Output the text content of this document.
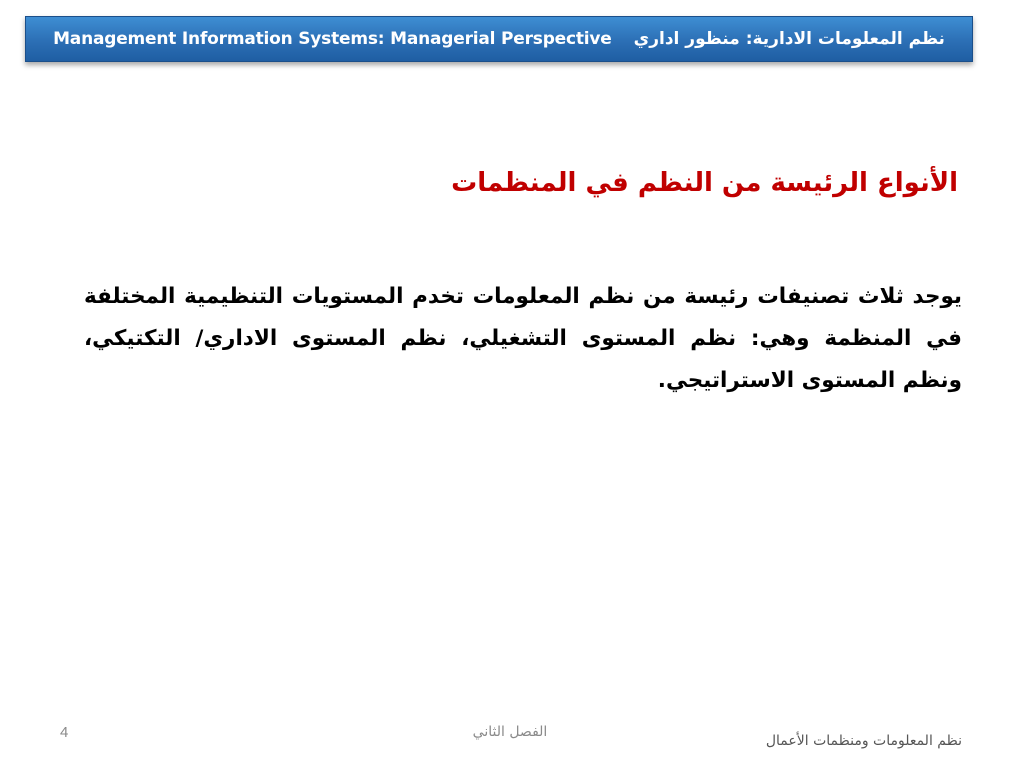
Management Information Systems: Managerial Perspective نظم المعلومات الادارية: منظور اداري
الأنواع الرئيسة من النظم في المنظمات
يوجد ثلاث تصنيفات رئيسة من نظم المعلومات تخدم المستويات التنظيمية المختلفة في المنظمة وهي: نظم المستوى التشغيلي، نظم المستوى الاداري/ التكتيكي، ونظم المستوى الاستراتيجي.
4	الفصل الثاني
نظم المعلومات ومنظمات الأعمال
